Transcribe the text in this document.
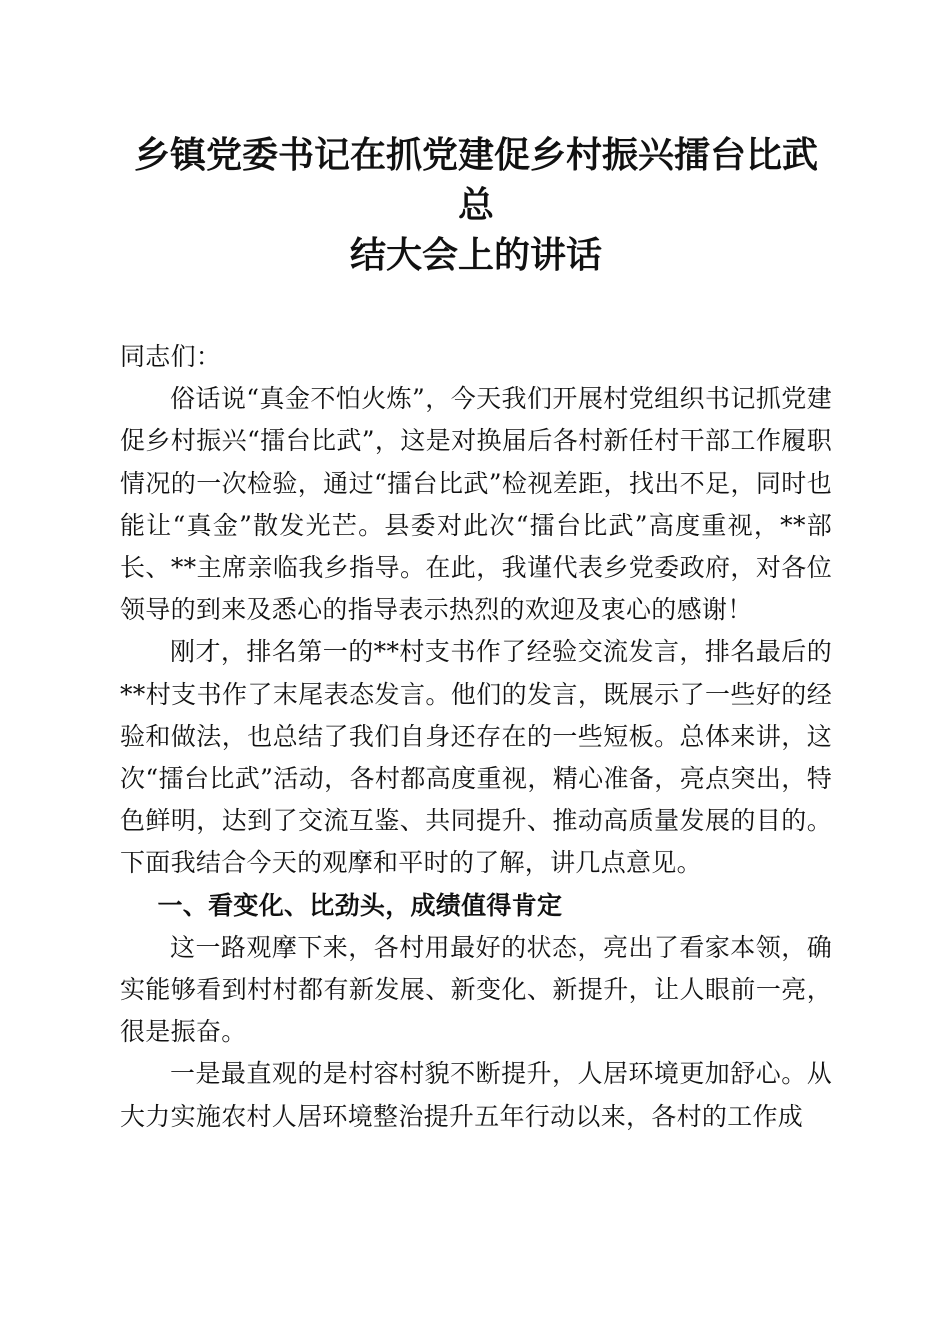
乡镇党委书记在抓党建促乡村振兴擂台比武总
结大会上的讲话

同志们：

俗话说“真金不怕火炼”，今天我们开展村党组织书记抓党建促乡村振兴“擂台比武”，这是对换届后各村新任村干部工作履职情况的一次检验，通过“擂台比武”检视差距，找出不足，同时也能让“真金”散发光芒。县委对此次“擂台比武”高度重视，**部长、**主席亲临我乡指导。在此，我谨代表乡党委政府，对各位领导的到来及悉心的指导表示热烈的欢迎及衷心的感谢！

刚才，排名第一的**村支书作了经验交流发言，排名最后的**村支书作了末尾表态发言。他们的发言，既展示了一些好的经验和做法，也总结了我们自身还存在的一些短板。总体来讲，这次“擂台比武”活动，各村都高度重视，精心准备，亮点突出，特色鲜明，达到了交流互鉴、共同提升、推动高质量发展的目的。下面我结合今天的观摩和平时的了解，讲几点意见。

一、看变化、比劲头，成绩值得肯定

这一路观摩下来，各村用最好的状态，亮出了看家本领，确实能够看到村村都有新发展、新变化、新提升，让人眼前一亮，很是振奋。

一是最直观的是村容村貌不断提升，人居环境更加舒心。从大力实施农村人居环境整治提升五年行动以来，各村的工作成
